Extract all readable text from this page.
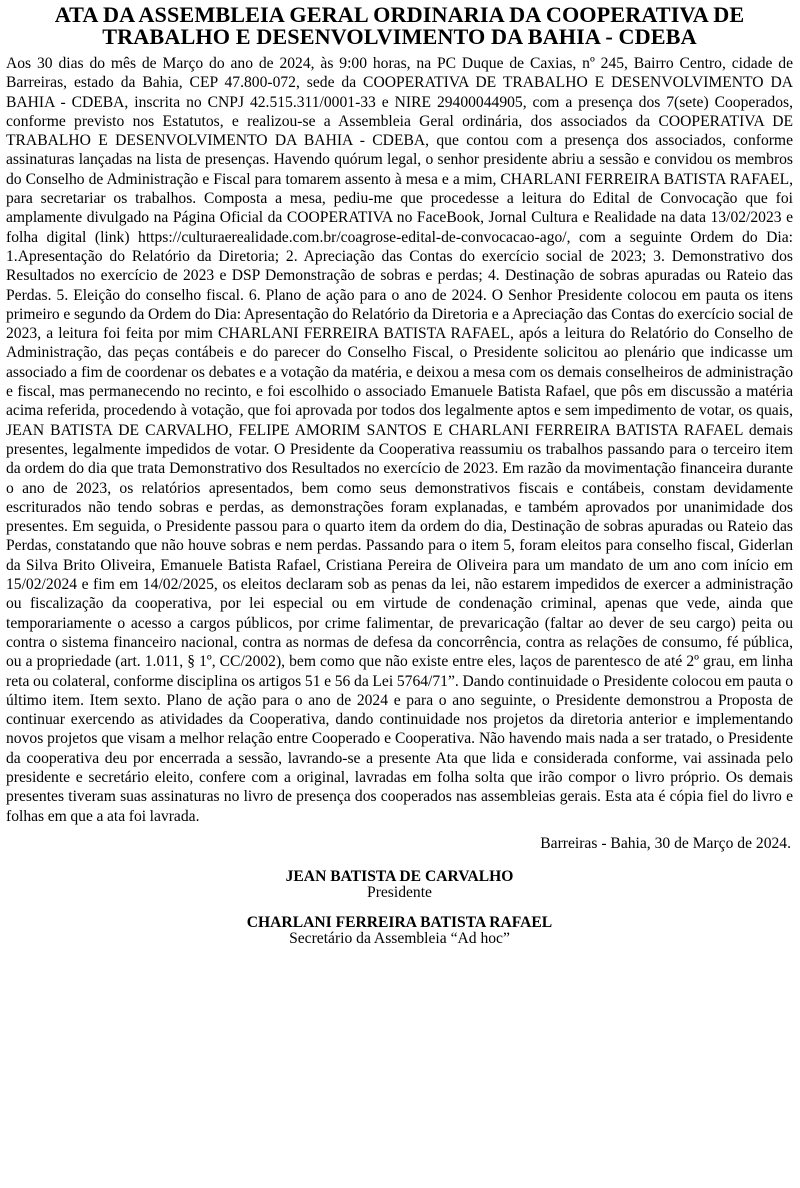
ATA DA ASSEMBLEIA GERAL ORDINARIA DA COOPERATIVA DE TRABALHO E DESENVOLVIMENTO DA BAHIA - CDEBA

Aos 30 dias do mês de Março do ano de 2024, às 9:00 horas, na PC Duque de Caxias, nº 245, Bairro Centro, cidade de Barreiras, estado da Bahia, CEP 47.800-072, sede da COOPERATIVA DE TRABALHO E DESENVOLVIMENTO DA BAHIA - CDEBA, inscrita no CNPJ 42.515.311/0001-33 e NIRE 29400044905, com a presença dos 7(sete) Cooperados, conforme previsto nos Estatutos, e realizou-se a Assembleia Geral ordinária, dos associados da COOPERATIVA DE TRABALHO E DESENVOLVIMENTO DA BAHIA - CDEBA, que contou com a presença dos associados, conforme assinaturas lançadas na lista de presenças. Havendo quórum legal, o senhor presidente abriu a sessão e convidou os membros do Conselho de Administração e Fiscal para tomarem assento à mesa e a mim, CHARLANI FERREIRA BATISTA RAFAEL, para secretariar os trabalhos. Composta a mesa, pediu-me que procedesse a leitura do Edital de Convocação que foi amplamente divulgado na Página Oficial da COOPERATIVA no FaceBook, Jornal Cultura e Realidade na data 13/02/2023 e folha digital (link) https://culturaerealidade.com.br/coagrose-edital-de-convocacao-ago/, com a seguinte Ordem do Dia: 1.Apresentação do Relatório da Diretoria; 2. Apreciação das Contas do exercício social de 2023; 3. Demonstrativo dos Resultados no exercício de 2023 e DSP Demonstração de sobras e perdas; 4. Destinação de sobras apuradas ou Rateio das Perdas. 5. Eleição do conselho fiscal. 6. Plano de ação para o ano de 2024. O Senhor Presidente colocou em pauta os itens primeiro e segundo da Ordem do Dia: Apresentação do Relatório da Diretoria e a Apreciação das Contas do exercício social de 2023, a leitura foi feita por mim CHARLANI FERREIRA BATISTA RAFAEL, após a leitura do Relatório do Conselho de Administração, das peças contábeis e do parecer do Conselho Fiscal, o Presidente solicitou ao plenário que indicasse um associado a fim de coordenar os debates e a votação da matéria, e deixou a mesa com os demais conselheiros de administração e fiscal, mas permanecendo no recinto, e foi escolhido o associado Emanuele Batista Rafael, que pôs em discussão a matéria acima referida, procedendo à votação, que foi aprovada por todos dos legalmente aptos e sem impedimento de votar, os quais, JEAN BATISTA DE CARVALHO, FELIPE AMORIM SANTOS E CHARLANI FERREIRA BATISTA RAFAEL demais presentes, legalmente impedidos de votar. O Presidente da Cooperativa reassumiu os trabalhos passando para o terceiro item da ordem do dia que trata Demonstrativo dos Resultados no exercício de 2023. Em razão da movimentação financeira durante o ano de 2023, os relatórios apresentados, bem como seus demonstrativos fiscais e contábeis, constam devidamente escriturados não tendo sobras e perdas, as demonstrações foram explanadas, e também aprovados por unanimidade dos presentes. Em seguida, o Presidente passou para o quarto item da ordem do dia, Destinação de sobras apuradas ou Rateio das Perdas, constatando que não houve sobras e nem perdas. Passando para o item 5, foram eleitos para conselho fiscal, Giderlan da Silva Brito Oliveira, Emanuele Batista Rafael, Cristiana Pereira de Oliveira para um mandato de um ano com início em 15/02/2024 e fim em 14/02/2025, os eleitos declaram sob as penas da lei, não estarem impedidos de exercer a administração ou fiscalização da cooperativa, por lei especial ou em virtude de condenação criminal, apenas que vede, ainda que temporariamente o acesso a cargos públicos, por crime falimentar, de prevaricação (faltar ao dever de seu cargo) peita ou contra o sistema financeiro nacional, contra as normas de defesa da concorrência, contra as relações de consumo, fé pública, ou a propriedade (art. 1.011, § 1º, CC/2002), bem como que não existe entre eles, laços de parentesco de até 2º grau, em linha reta ou colateral, conforme disciplina os artigos 51 e 56 da Lei 5764/71”. Dando continuidade o Presidente colocou em pauta o último item. Item sexto. Plano de ação para o ano de 2024 e para o ano seguinte, o Presidente demonstrou a Proposta de continuar exercendo as atividades da Cooperativa, dando continuidade nos projetos da diretoria anterior e implementando novos projetos que visam a melhor relação entre Cooperado e Cooperativa. Não havendo mais nada a ser tratado, o Presidente da cooperativa deu por encerrada a sessão, lavrando-se a presente Ata que lida e considerada conforme, vai assinada pelo presidente e secretário eleito, confere com a original, lavradas em folha solta que irão compor o livro próprio. Os demais presentes tiveram suas assinaturas no livro de presença dos cooperados nas assembleias gerais. Esta ata é cópia fiel do livro e folhas em que a ata foi lavrada.

Barreiras - Bahia, 30 de Março de 2024.

JEAN BATISTA DE CARVALHO
Presidente
CHARLANI FERREIRA BATISTA RAFAEL
Secretário da Assembleia “Ad hoc”
